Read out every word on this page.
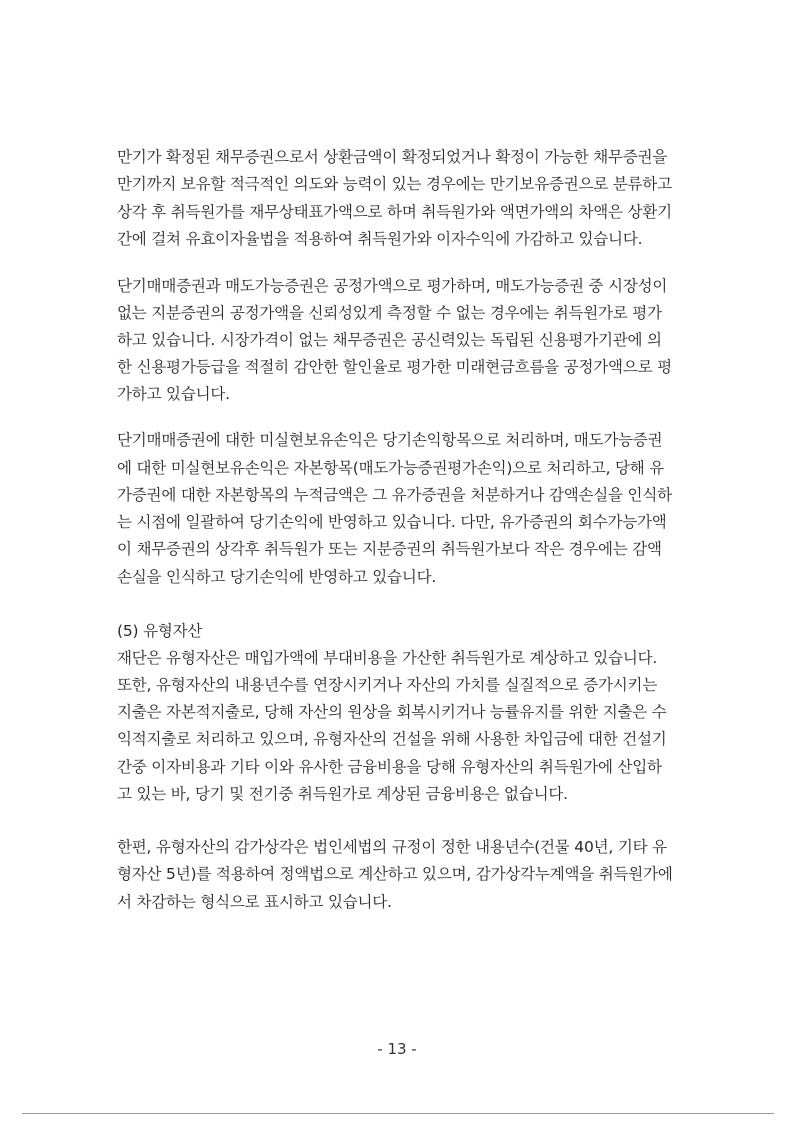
만기가 확정된 채무증권으로서 상환금액이 확정되었거나 확정이 가능한 채무증권을
만기까지 보유할 적극적인 의도와 능력이 있는 경우에는 만기보유증권으로 분류하고
상각 후 취득원가를 재무상태표가액으로 하며 취득원가와 액면가액의 차액은 상환기
간에 걸쳐 유효이자율법을 적용하여 취득원가와 이자수익에 가감하고 있습니다.
단기매매증권과 매도가능증권은 공정가액으로 평가하며, 매도가능증권 중 시장성이
없는 지분증권의 공정가액을 신뢰성있게 측정할 수 없는 경우에는 취득원가로 평가
하고 있습니다. 시장가격이 없는 채무증권은 공신력있는 독립된 신용평가기관에 의
한 신용평가등급을 적절히 감안한 할인율로 평가한 미래현금흐름을 공정가액으로 평
가하고 있습니다.
단기매매증권에 대한 미실현보유손익은 당기손익항목으로 처리하며, 매도가능증권
에 대한 미실현보유손익은 자본항목(매도가능증권평가손익)으로 처리하고, 당해 유
가증권에 대한 자본항목의 누적금액은 그 유가증권을 처분하거나 감액손실을 인식하
는 시점에 일괄하여 당기손익에 반영하고 있습니다. 다만, 유가증권의 회수가능가액
이 채무증권의 상각후 취득원가 또는 지분증권의 취득원가보다 작은 경우에는 감액
손실을 인식하고 당기손익에 반영하고 있습니다.
(5) 유형자산
재단은 유형자산은 매입가액에 부대비용을 가산한 취득원가로 계상하고 있습니다.
또한, 유형자산의 내용년수를 연장시키거나 자산의 가치를 실질적으로 증가시키는
지출은 자본적지출로, 당해 자산의 원상을 회복시키거나 능률유지를 위한 지출은 수
익적지출로 처리하고 있으며, 유형자산의 건설을 위해 사용한 차입금에 대한 건설기
간중 이자비용과 기타 이와 유사한 금융비용을 당해 유형자산의 취득원가에 산입하
고 있는 바, 당기 및 전기중 취득원가로 계상된 금융비용은 없습니다.
한편, 유형자산의 감가상각은 법인세법의 규정이 정한 내용년수(건물 40년, 기타 유
형자산 5년)를 적용하여 정액법으로 계산하고 있으며, 감가상각누계액을 취득원가에
서 차감하는 형식으로 표시하고 있습니다.
- 13 -
